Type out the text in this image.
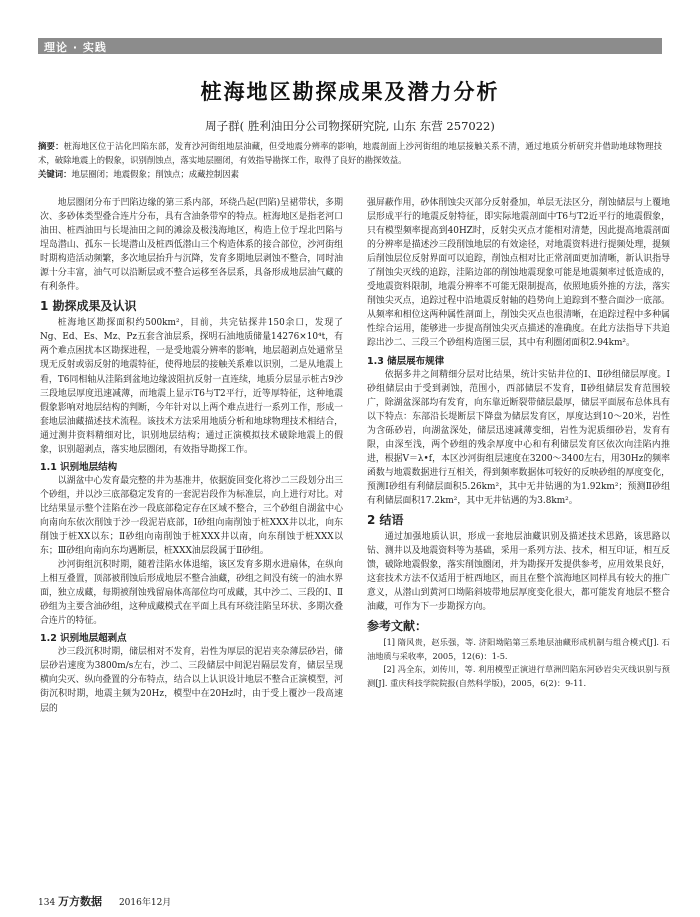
理论 · 实践
桩海地区勘探成果及潜力分析
周子群( 胜利油田分公司物探研究院, 山东 东营 257022)
摘要：桩海地区位于沾化凹陷东部，发育沙河街组地层油藏，但受地震分辨率的影响，地震剖面上沙河街组的地层接触关系不清，通过地质分析研究并借助地球物理技术，破除地震上的假象，识别削蚀点，落实地层圈闭，有效指导勘探工作，取得了良好的勘探效益。
关键词：地层圈闭；地震假象；削蚀点；成藏控制因素

地层圈闭分布于凹陷边缘的第三系内部，环绕凸起(凹陷)呈裙带状，多期次、多砂体类型叠合连片分布，具有含油条带窄的特点。桩海地区是指老河口油田、桩西油田与长堤油田之间的滩涂及极浅海地区，构造上位于埕北凹陷与埕岛潜山、孤东－长堤潜山及桩西低潜山三个构造体系的接合部位，沙河街组时期构造活动频繁，多次地层抬升与沉降，发育多期地层剥蚀不整合，同时油源十分丰富，油气可以沿断层或不整合运移至各层系，具备形成地层油气藏的有利条件。

1 勘探成果及认识

桩海地区勘探面积约500km²，目前，共完钻探井150余口，发现了Ng、Ed、Es、Mz、Pz五套含油层系，探明石油地质储量14276×10⁴t，有两个难点困扰本区勘探进程，一是受地震分辨率的影响，地层超剥点处通常呈现无反射或弱反射的地震特征，使得地层的接触关系难以识别，二是从地震上看，T6同相轴从洼陷到盆地边缘波阻抗反射一直连续，地质分层显示桩古9沙三段地层厚度迅速减薄，而地震上显示T6与T2平行，近等厚特征，这种地震假象影响对地层结构的判断，今年针对以上两个难点进行一系列工作，形成一套地层油藏描述技术流程。该技术方法采用地质分析和地球物理技术相结合，通过测井资料精细对比，识别地层结构；通过正演模拟技术破除地震上的假象，识别超剥点，落实地层圈闭，有效指导勘探工作。

1.1 识别地层结构

以湖盆中心发育最完整的井为基准井，依据旋回变化将沙二三段划分出三个砂组，并以沙三底部稳定发育的一套泥岩段作为标准层，向上进行对比。对比结果显示整个洼陷在沙一段底部稳定存在区域不整合，三个砂组自湖盆中心向南向东依次削蚀于沙一段泥岩底部，Ⅰ砂组向南削蚀于桩XXX井以北，向东削蚀于桩XX以东；Ⅱ砂组向南削蚀于桩XXX井以南，向东削蚀于桩XXX以东；Ⅲ砂组向南向东均遇断层，桩XXX油层段属于Ⅱ砂组。

沙河街组沉积时期，随着洼陷水体退缩，该区发育多期水进扇体，在纵向上相互叠置，顶部被削蚀后形成地层不整合油藏，砂组之间没有统一的油水界面，独立成藏，每期被削蚀残留扇体高部位均可成藏，其中沙二、三段的Ⅰ、Ⅱ砂组为主要含油砂组，这种成藏模式在平面上具有环绕洼陷呈环状、多期次叠合连片的特征。

1.2 识别地层超剥点

沙三段沉积时期，储层相对不发育，岩性为厚层的泥岩夹杂薄层砂岩，储层砂岩速度为3800m/s左右，沙二、三段储层中间泥岩隔层发育，储层呈现横向尖灭、纵向叠置的分布特点，结合以上认识设计地层不整合正演模型，河街沉积时期，地震主频为20Hz，模型中在20Hz时，由于受上覆沙一段高速层的

强屏蔽作用，砂体削蚀尖灭部分反射叠加，单层无法区分，削蚀储层与上覆地层形成平行的地震反射特征，即实际地震剖面中T6与T2近平行的地震假象，只有模型频率提高到40HZ时，反射尖灭点才能相对清楚，因此提高地震剖面的分辨率是描述沙三段削蚀地层的有效途径，对地震资料进行提频处理，提频后削蚀层位反射界面可以追踪，削蚀点相对比正常剖面更加清晰，新认识指导了削蚀尖灭线的追踪，洼陷边部的削蚀地震现象可能是地震频率过低造成的，受地震资料限制，地震分辨率不可能无限制提高，依照地质外推的方法，落实削蚀尖灭点，追踪过程中沿地震反射轴的趋势向上追踪到不整合面沙一底部。从频率和相位这两种属性剖面上，削蚀尖灭点也很清晰，在追踪过程中多种属性综合运用，能够进一步提高削蚀尖灭点描述的准确度。在此方法指导下共追踪出沙二、三段三个砂组构造图三层，其中有利圈闭面积2.94km²。

1.3 储层展布规律

依据多井之间精细分层对比结果，统计实钻井位的Ⅰ、Ⅱ砂组储层厚度。Ⅰ砂组储层由于受到剥蚀，范围小，西部储层不发育，Ⅱ砂组储层发育范围较广，除湖盆深部均有发育，向东靠近断裂带储层最厚，储层平面展布总体具有以下特点：东部沿长堤断层下降盘为储层发育区，厚度达到10～20米，岩性为含砾砂岩，向湖盆深处，储层迅速减薄变细，岩性为泥质细砂岩，发育有限，由深至浅，两个砂组的残余厚度中心和有利储层发育区依次向洼陷内推进，根据V＝λ•f，本区沙河街组层速度在3200～3400左右，用30Hz的频率函数与地震数据进行互相关，得到频率数据体可较好的反映砂组的厚度变化，预测Ⅰ砂组有利储层面积5.26km²，其中无井钻遇的为1.92km²；预测Ⅱ砂组有利储层面积17.2km²，其中无井钻遇的为3.8km²。

2 结语

通过加强地质认识，形成一套地层油藏识别及描述技术思路，该思路以钻、测井以及地震资料等为基础，采用一系列方法、技术，相互印证，相互反馈，破除地震假象，落实削蚀圈闭，并为勘探开发提供参考，应用效果良好，这套技术方法不仅适用于桩西地区，而且在整个滨海地区同样具有较大的推广意义，从潜山到黄河口坳陷斜坡带地层厚度变化很大，都可能发育地层不整合油藏，可作为下一步勘探方向。

参考文献：

[1] 隋风贵，赵乐强，等. 济阳坳陷第三系地层油藏形成机制与组合模式[J]. 石油地质与采收率，2005，12(6)：1-5.

[2] 冯全东，刘传川，等. 利用模型正演进行草洲凹陷东河砂岩尖灭线识别与预测[J]. 重庆科技学院院报(自然科学版)，2005，6(2)：9-11.

134 万方数据 2016年12月
